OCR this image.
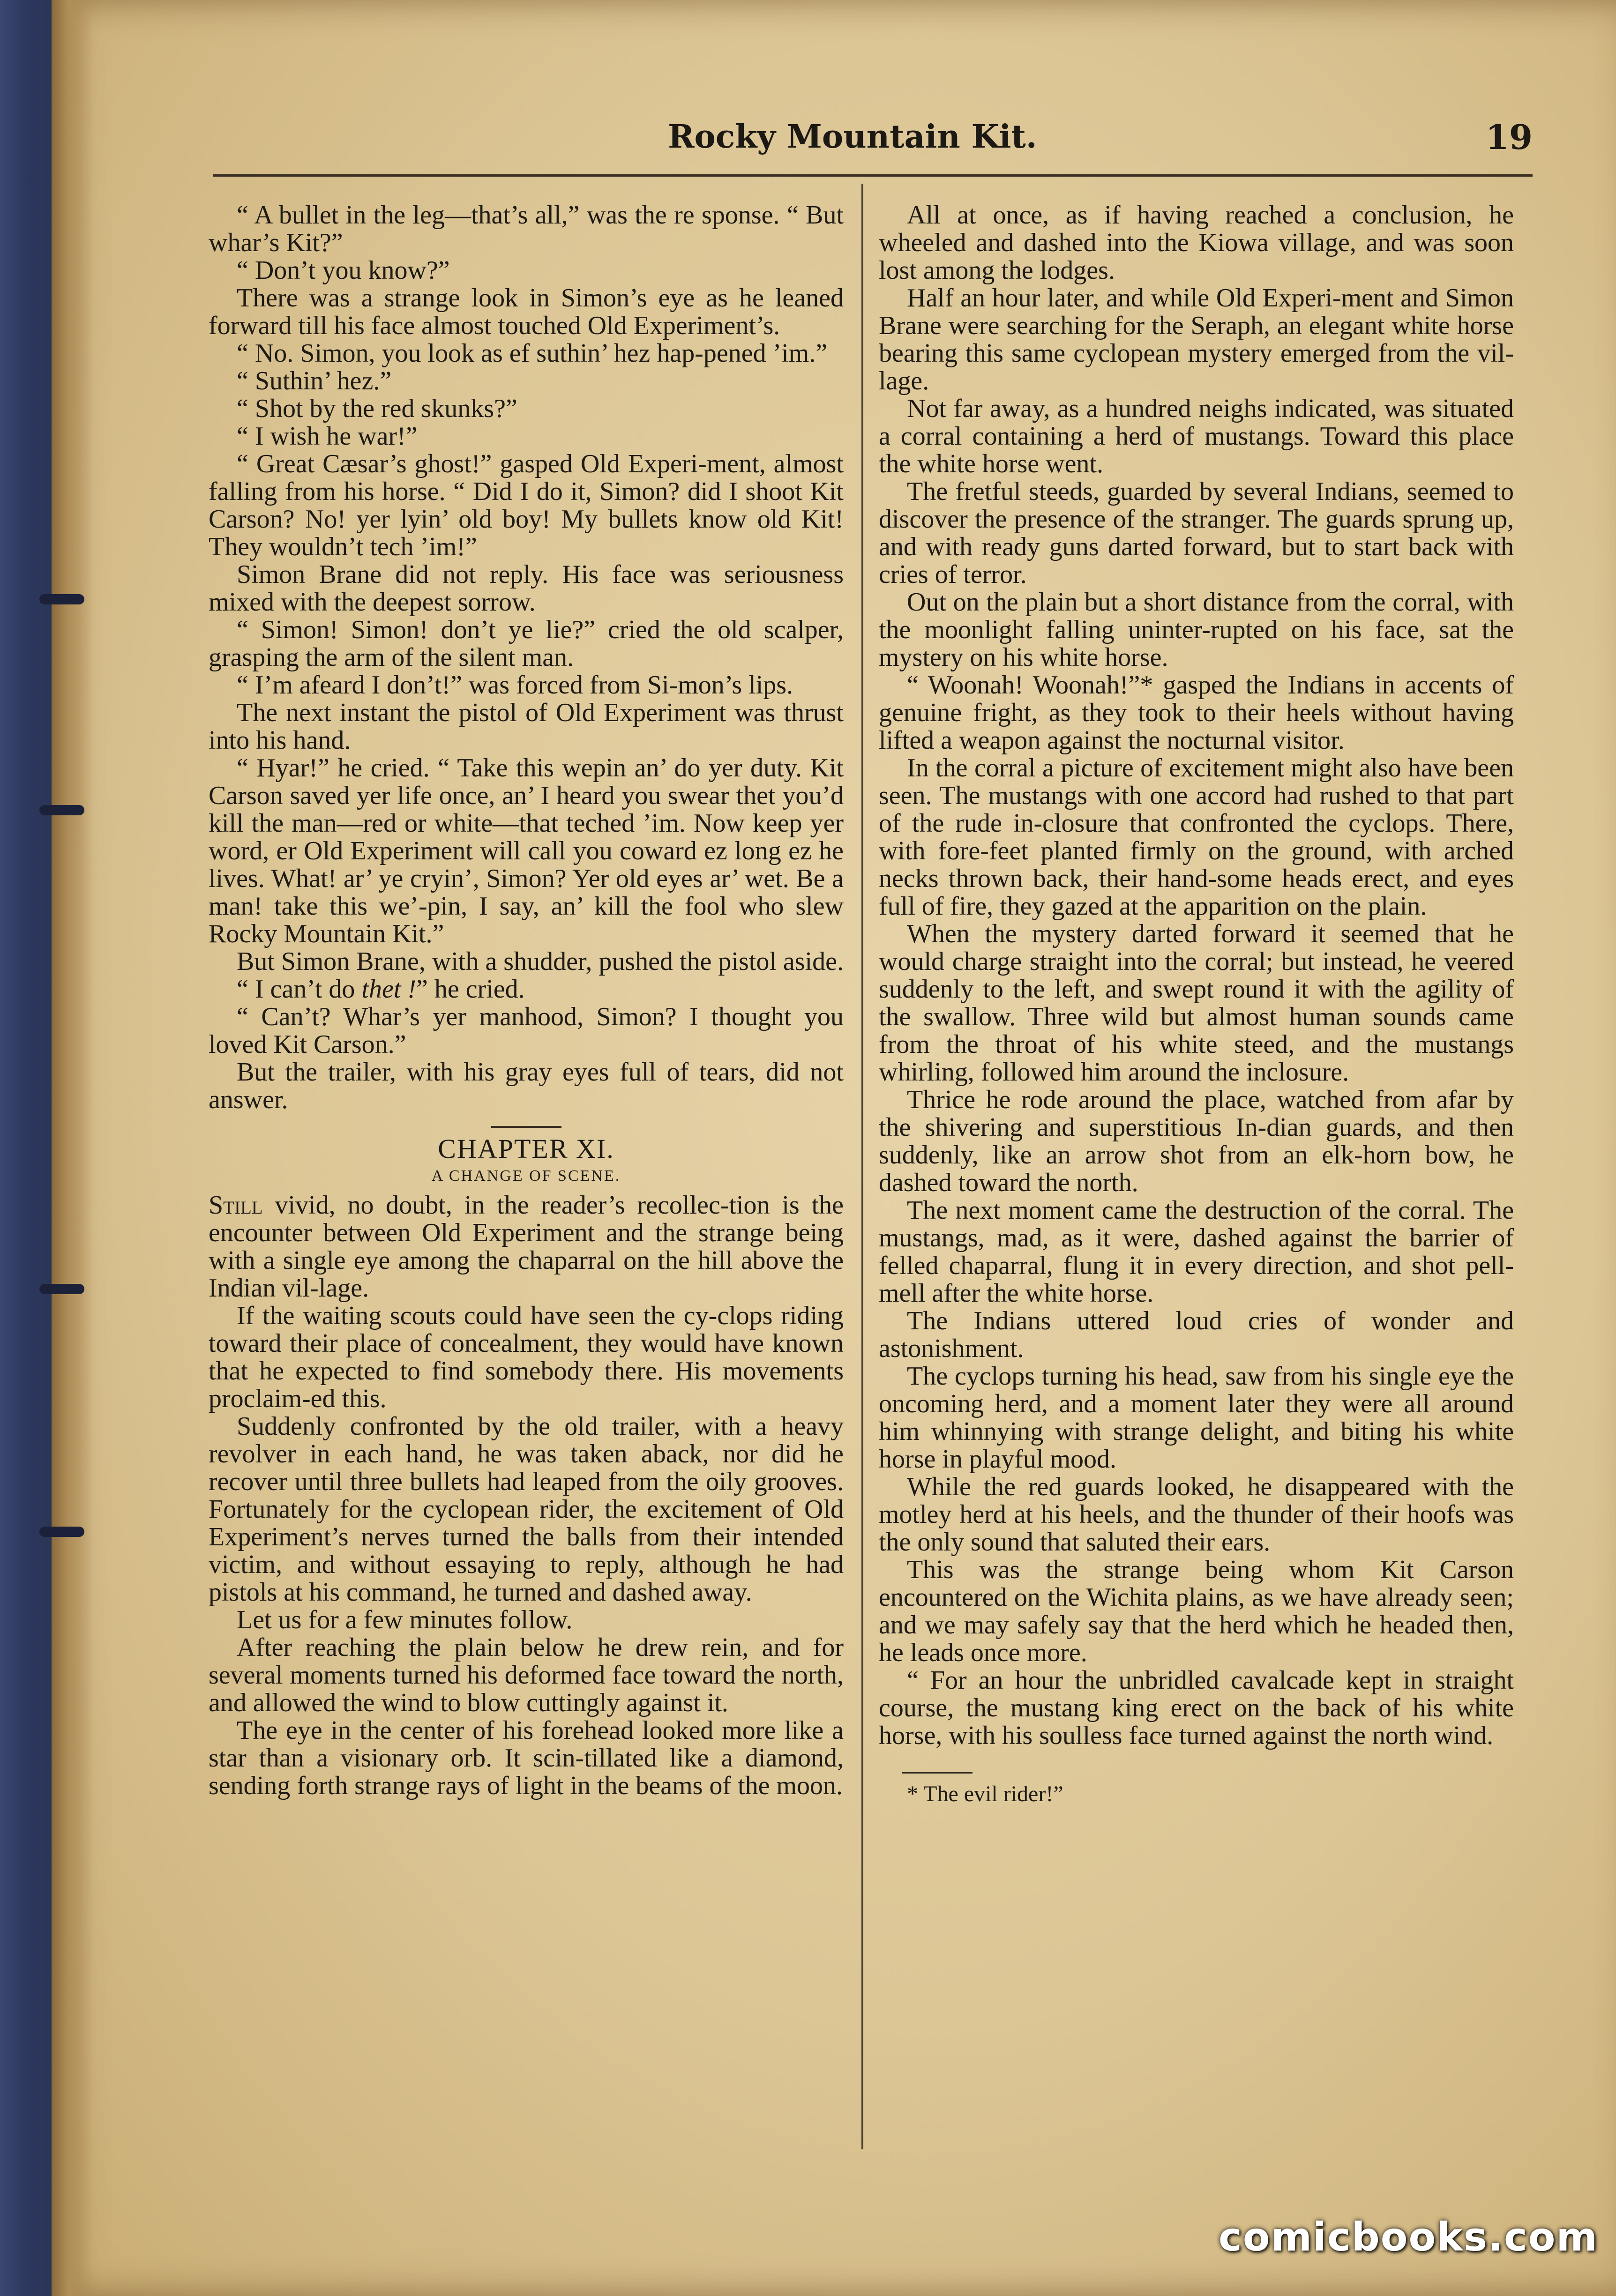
Rocky Mountain Kit.	19

“ A bullet in the leg—that’s all,” was the re sponse. “ But whar’s Kit?”

“ Don’t you know?”

There was a strange look in Simon’s eye as he leaned forward till his face almost touched Old Experiment’s.

“ No. Simon, you look as ef suthin’ hez hap-pened ’im.”

“ Suthin’ hez.”

“ Shot by the red skunks?”

“ I wish he war!”

“ Great Cæsar’s ghost!” gasped Old Experi-ment, almost falling from his horse. “ Did I do it, Simon? did I shoot Kit Carson? No! yer lyin’ old boy! My bullets know old Kit! They wouldn’t tech ’im!”

Simon Brane did not reply. His face was seriousness mixed with the deepest sorrow.

“ Simon! Simon! don’t ye lie?” cried the old scalper, grasping the arm of the silent man.

“ I’m afeard I don’t!” was forced from Si-mon’s lips.

The next instant the pistol of Old Experiment was thrust into his hand.

“ Hyar!” he cried. “ Take this wepin an’ do yer duty. Kit Carson saved yer life once, an’ I heard you swear thet you’d kill the man—red or white—that teched ’im. Now keep yer word, er Old Experiment will call you coward ez long ez he lives. What! ar’ ye cryin’, Simon? Yer old eyes ar’ wet. Be a man! take this we’-pin, I say, an’ kill the fool who slew Rocky Mountain Kit.”

But Simon Brane, with a shudder, pushed the pistol aside.

“ I can’t do thet !” he cried.

“ Can’t? Whar’s yer manhood, Simon? I thought you loved Kit Carson.”

But the trailer, with his gray eyes full of tears, did not answer.

CHAPTER XI.

A CHANGE OF SCENE.

Still vivid, no doubt, in the reader’s recollec-tion is the encounter between Old Experiment and the strange being with a single eye among the chaparral on the hill above the Indian vil-lage.

If the waiting scouts could have seen the cy-clops riding toward their place of concealment, they would have known that he expected to find somebody there. His movements proclaim-ed this.

Suddenly confronted by the old trailer, with a heavy revolver in each hand, he was taken aback, nor did he recover until three bullets had leaped from the oily grooves. Fortunately for the cyclopean rider, the excitement of Old Experiment’s nerves turned the balls from their intended victim, and without essaying to reply, although he had pistols at his command, he turned and dashed away.

Let us for a few minutes follow.

After reaching the plain below he drew rein, and for several moments turned his deformed face toward the north, and allowed the wind to blow cuttingly against it.

The eye in the center of his forehead looked more like a star than a visionary orb. It scin-tillated like a diamond, sending forth strange rays of light in the beams of the moon.

All at once, as if having reached a conclusion, he wheeled and dashed into the Kiowa village, and was soon lost among the lodges.

Half an hour later, and while Old Experi-ment and Simon Brane were searching for the Seraph, an elegant white horse bearing this same cyclopean mystery emerged from the vil-lage.

Not far away, as a hundred neighs indicated, was situated a corral containing a herd of mustangs. Toward this place the white horse went.

The fretful steeds, guarded by several Indians, seemed to discover the presence of the stranger. The guards sprung up, and with ready guns darted forward, but to start back with cries of terror.

Out on the plain but a short distance from the corral, with the moonlight falling uninter-rupted on his face, sat the mystery on his white horse.

“ Woonah! Woonah!”* gasped the Indians in accents of genuine fright, as they took to their heels without having lifted a weapon against the nocturnal visitor.

In the corral a picture of excitement might also have been seen. The mustangs with one accord had rushed to that part of the rude in-closure that confronted the cyclops. There, with fore-feet planted firmly on the ground, with arched necks thrown back, their hand-some heads erect, and eyes full of fire, they gazed at the apparition on the plain.

When the mystery darted forward it seemed that he would charge straight into the corral; but instead, he veered suddenly to the left, and swept round it with the agility of the swallow. Three wild but almost human sounds came from the throat of his white steed, and the mustangs whirling, followed him around the inclosure.

Thrice he rode around the place, watched from afar by the shivering and superstitious In-dian guards, and then suddenly, like an arrow shot from an elk-horn bow, he dashed toward the north.

The next moment came the destruction of the corral. The mustangs, mad, as it were, dashed against the barrier of felled chaparral, flung it in every direction, and shot pell-mell after the white horse.

The Indians uttered loud cries of wonder and astonishment.

The cyclops turning his head, saw from his single eye the oncoming herd, and a moment later they were all around him whinnying with strange delight, and biting his white horse in playful mood.

While the red guards looked, he disappeared with the motley herd at his heels, and the thunder of their hoofs was the only sound that saluted their ears.

This was the strange being whom Kit Carson encountered on the Wichita plains, as we have already seen; and we may safely say that the herd which he headed then, he leads once more.

“ For an hour the unbridled cavalcade kept in straight course, the mustang king erect on the back of his white horse, with his soulless face turned against the north wind.

* The evil rider!”

comicbooks.com
